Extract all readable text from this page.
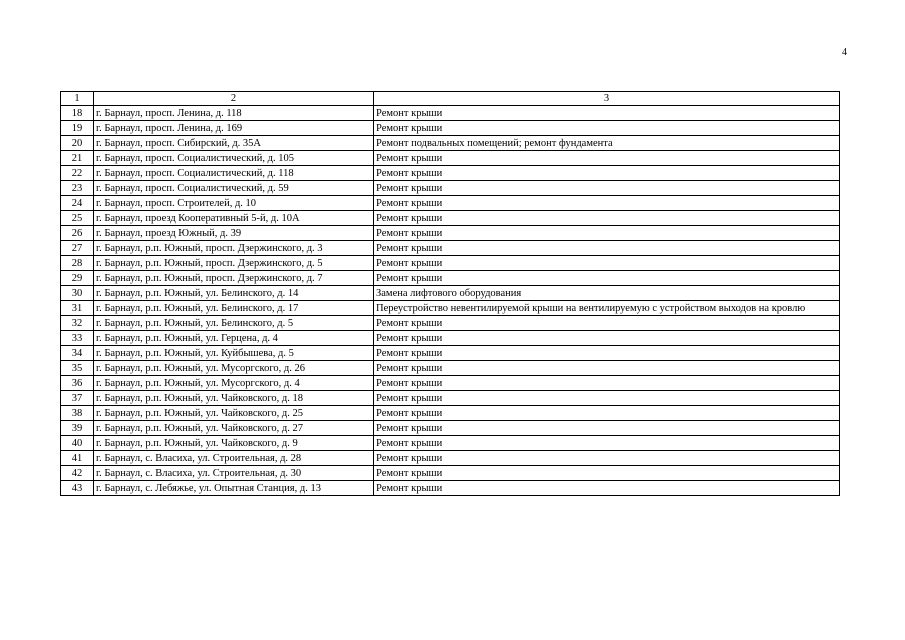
4
1	2	3
18	г. Барнаул, просп. Ленина, д. 118	Ремонт крыши
19	г. Барнаул, просп. Ленина, д. 169	Ремонт крыши
20	г. Барнаул, просп. Сибирский, д. 35А	Ремонт подвальных помещений; ремонт фундамента
21	г. Барнаул, просп. Социалистический, д. 105	Ремонт крыши
22	г. Барнаул, просп. Социалистический, д. 118	Ремонт крыши
23	г. Барнаул, просп. Социалистический, д. 59	Ремонт крыши
24	г. Барнаул, просп. Строителей, д. 10	Ремонт крыши
25	г. Барнаул, проезд Кооперативный 5-й, д. 10А	Ремонт крыши
26	г. Барнаул, проезд Южный, д. 39	Ремонт крыши
27	г. Барнаул, р.п. Южный, просп. Дзержинского, д. 3	Ремонт крыши
28	г. Барнаул, р.п. Южный, просп. Дзержинского, д. 5	Ремонт крыши
29	г. Барнаул, р.п. Южный, просп. Дзержинского, д. 7	Ремонт крыши
30	г. Барнаул, р.п. Южный, ул. Белинского, д. 14	Замена лифтового оборудования
31	г. Барнаул, р.п. Южный, ул. Белинского, д. 17	Переустройство невентилируемой крыши на вентилируемую с устройством выходов на кровлю
32	г. Барнаул, р.п. Южный, ул. Белинского, д. 5	Ремонт крыши
33	г. Барнаул, р.п. Южный, ул. Герцена, д. 4	Ремонт крыши
34	г. Барнаул, р.п. Южный, ул. Куйбышева, д. 5	Ремонт крыши
35	г. Барнаул, р.п. Южный, ул. Мусоргского, д. 26	Ремонт крыши
36	г. Барнаул, р.п. Южный, ул. Мусоргского, д. 4	Ремонт крыши
37	г. Барнаул, р.п. Южный, ул. Чайковского, д. 18	Ремонт крыши
38	г. Барнаул, р.п. Южный, ул. Чайковского, д. 25	Ремонт крыши
39	г. Барнаул, р.п. Южный, ул. Чайковского, д. 27	Ремонт крыши
40	г. Барнаул, р.п. Южный, ул. Чайковского, д. 9	Ремонт крыши
41	г. Барнаул, с. Власиха, ул. Строительная, д. 28	Ремонт крыши
42	г. Барнаул, с. Власиха, ул. Строительная, д. 30	Ремонт крыши
43	г. Барнаул, с. Лебяжье, ул. Опытная Станция, д. 13	Ремонт крыши
